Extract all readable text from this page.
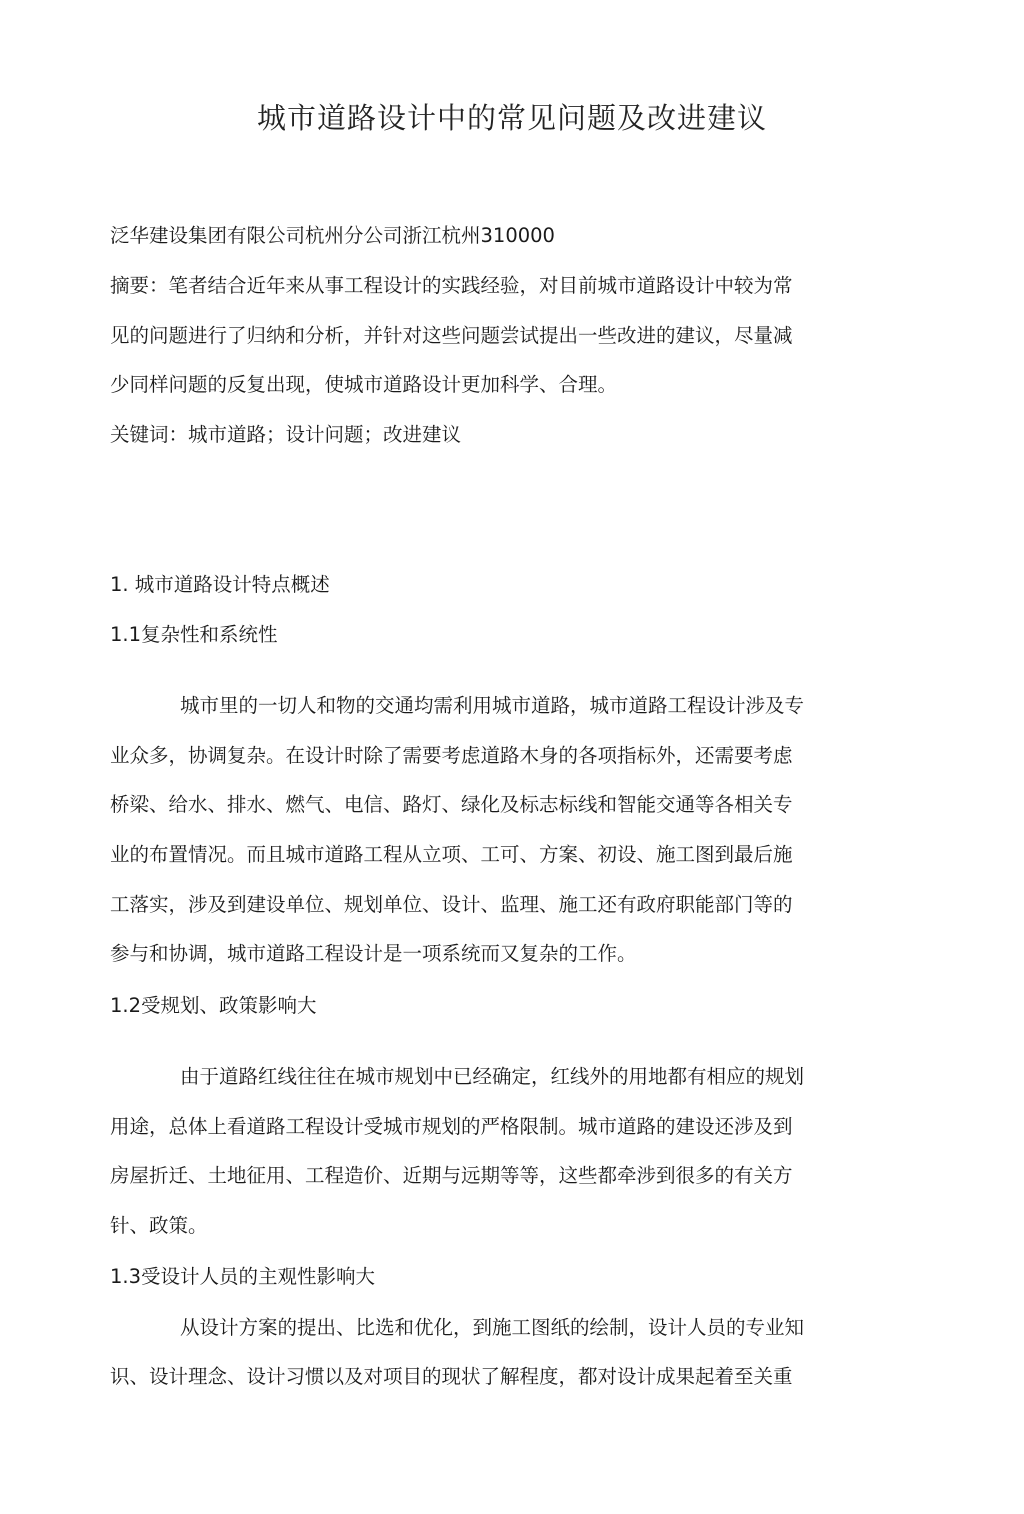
城市道路设计中的常见问题及改进建议
泛华建设集团有限公司杭州分公司浙江杭州310000
摘要：笔者结合近年来从事工程设计的实践经验，对目前城市道路设计中较为常
见的问题进行了归纳和分析，并针对这些问题尝试提出一些改进的建议，尽量减
少同样问题的反复出现，使城市道路设计更加科学、合理。
关键词：城市道路；设计问题；改进建议
1. 城市道路设计特点概述
1.1复杂性和系统性
城市里的一切人和物的交通均需利用城市道路，城市道路工程设计涉及专
业众多，协调复杂。在设计时除了需要考虑道路木身的各项指标外，还需要考虑
桥梁、给水、排水、燃气、电信、路灯、绿化及标志标线和智能交通等各相关专
业的布置情况。而且城市道路工程从立项、工可、方案、初设、施工图到最后施
工落实，涉及到建设单位、规划单位、设计、监理、施工还有政府职能部门等的
参与和协调，城市道路工程设计是一项系统而又复杂的工作。
1.2受规划、政策影响大
由于道路红线往往在城市规划中已经确定，红线外的用地都有相应的规划
用途，总体上看道路工程设计受城市规划的严格限制。城市道路的建设还涉及到
房屋折迁、土地征用、工程造价、近期与远期等等，这些都牵涉到很多的有关方
针、政策。
1.3受设计人员的主观性影响大
从设计方案的提出、比选和优化，到施工图纸的绘制，设计人员的专业知
识、设计理念、设计习惯以及对项目的现状了解程度，都对设计成果起着至关重
